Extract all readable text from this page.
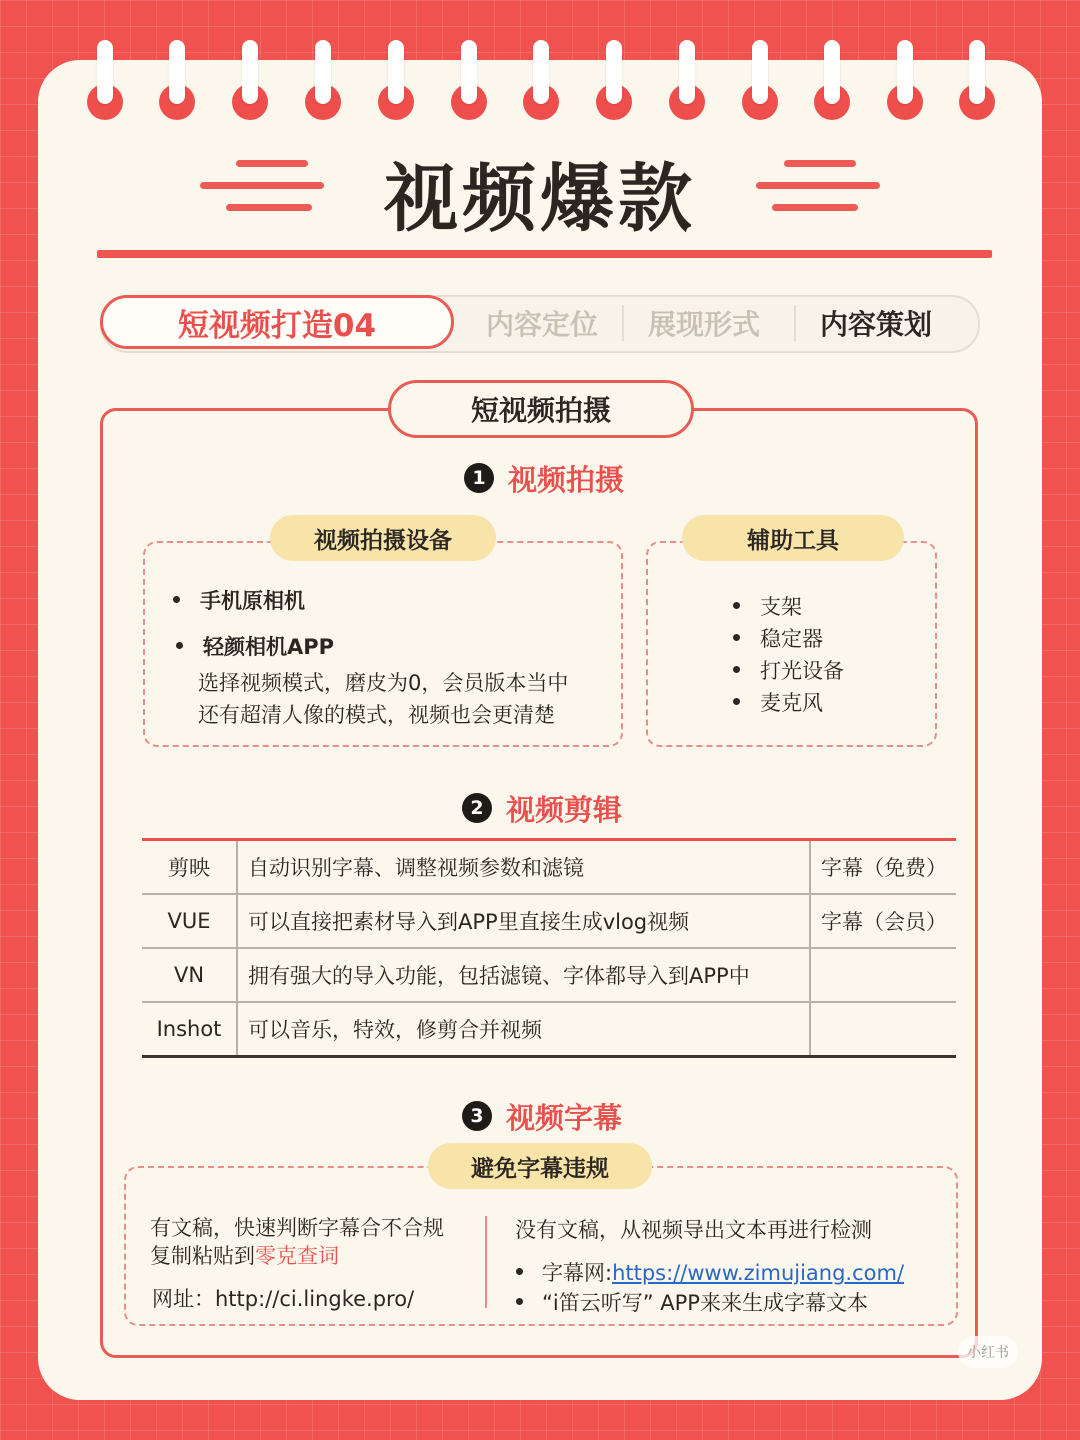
视频爆款
短视频打造04	内容定位	展现形式	内容策划
短视频拍摄
1 视频拍摄
视频拍摄设备
手机原相机
轻颜相机APP
选择视频模式，磨皮为0，会员版本当中
还有超清人像的模式，视频也会更清楚
辅助工具
支架
稳定器
打光设备
麦克风
2 视频剪辑
剪映	自动识别字幕、调整视频参数和滤镜	字幕（免费）
VUE	可以直接把素材导入到APP里直接生成vlog视频	字幕（会员）
VN	拥有强大的导入功能，包括滤镜、字体都导入到APP中	
Inshot	可以音乐，特效，修剪合并视频	
3 视频字幕
避免字幕违规
有文稿，快速判断字幕合不合规
复制粘贴到零克查词
网址：http://ci.lingke.pro/
没有文稿，从视频导出文本再进行检测
字幕网:https://www.zimujiang.com/
“i笛云听写” APP来来生成字幕文本
小红书
